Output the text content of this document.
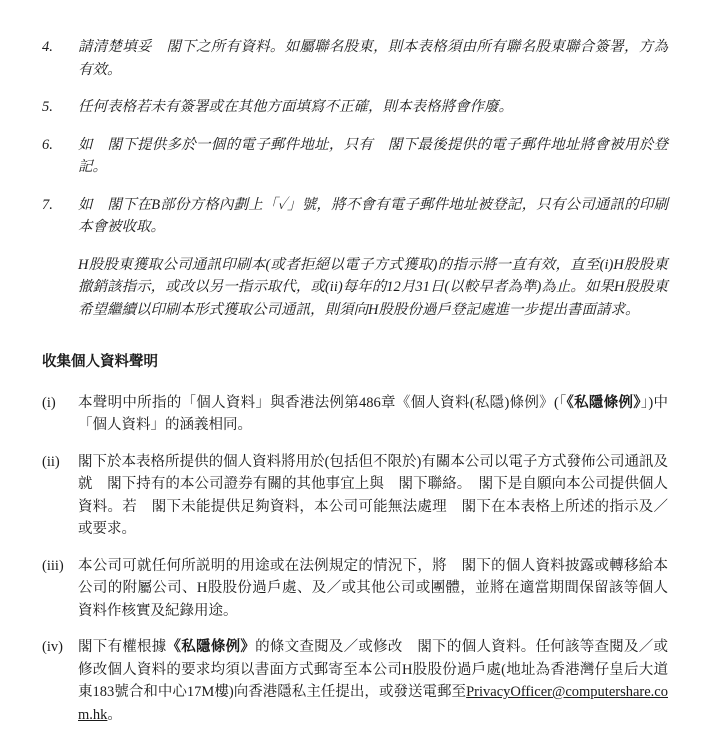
4.	請清楚填妥　閣下之所有資料。如屬聯名股東，則本表格須由所有聯名股東聯合簽署，方為有效。
5.	任何表格若未有簽署或在其他方面填寫不正確，則本表格將會作廢。
6.	如　閣下提供多於一個的電子郵件地址，只有　閣下最後提供的電子郵件地址將會被用於登記。
7.	如　閣下在B部份方格內劃上「✓」號，將不會有電子郵件地址被登記，只有公司通訊的印刷本會被收取。

H股股東獲取公司通訊印刷本(或者拒絕以電子方式獲取)的指示將一直有效，直至(i)H股股東撤銷該指示，或改以另一指示取代，或(ii)每年的12月31日(以較早者為準)為止。如果H股股東希望繼續以印刷本形式獲取公司通訊，則須向H股股份過戶登記處進一步提出書面請求。

收集個人資料聲明
(i)	本聲明中所指的「個人資料」與香港法例第486章《個人資料(私隱)條例》(「《私隱條例》」)中「個人資料」的涵義相同。
(ii)	閣下於本表格所提供的個人資料將用於(包括但不限於)有關本公司以電子方式發佈公司通訊及就　閣下持有的本公司證券有關的其他事宜上與　閣下聯絡。　閣下是自願向本公司提供個人資料。若　閣下未能提供足夠資料，本公司可能無法處理　閣下在本表格上所述的指示及／或要求。
(iii) 本公司可就任何所説明的用途或在法例規定的情況下，將　閣下的個人資料披露或轉移給本公司的附屬公司、H股股份過戶處、及／或其他公司或團體，並將在適當期間保留該等個人資料作核實及紀錄用途。
(iv)	閣下有權根據《私隱條例》的條文查閱及／或修改　閣下的個人資料。任何該等查閱及／或修改個人資料的要求均須以書面方式郵寄至本公司H股股份過戶處(地址為香港灣仔皇后大道東183號合和中心17M樓)向香港隱私主任提出，或發送電郵至PrivacyOfficer@computershare.com.hk。
